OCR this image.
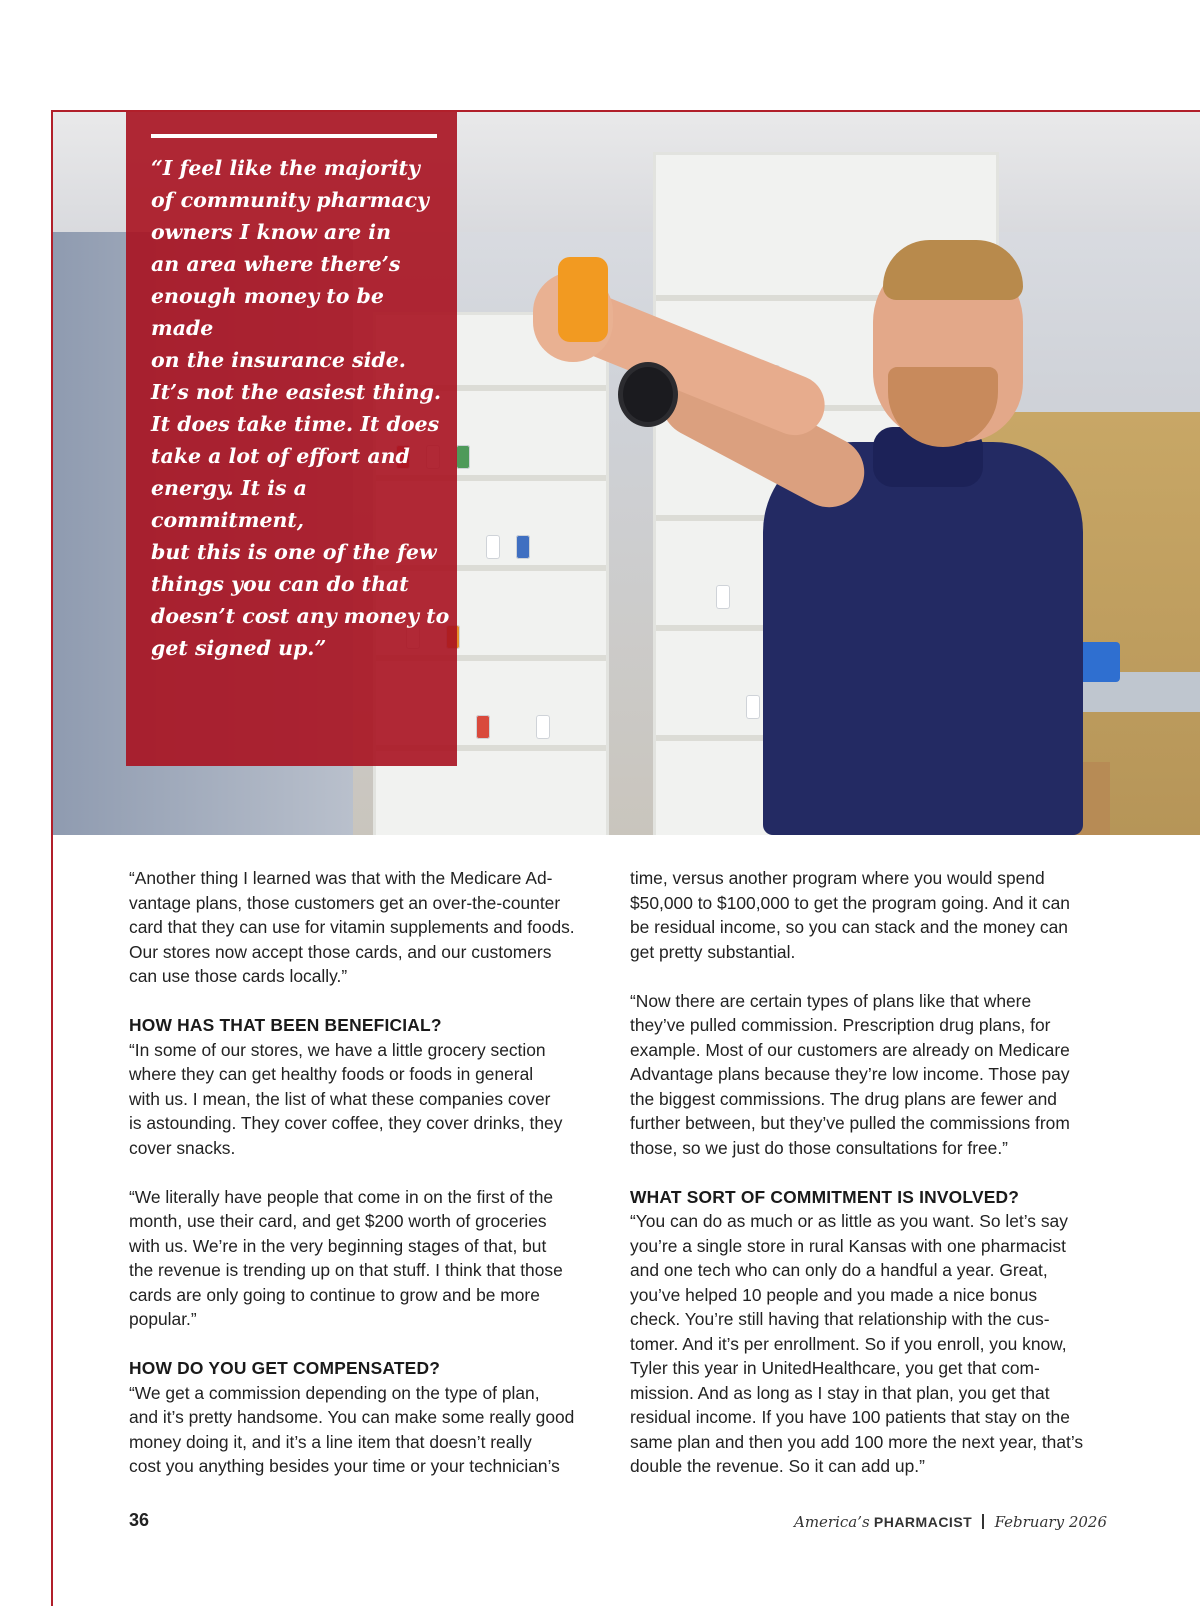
“I feel like the majority
of community pharmacy
owners I know are in
an area where there’s
enough money to be made
on the insurance side.
It’s not the easiest thing.
It does take time. It does
take a lot of effort and
energy. It is a commitment,
but this is one of the few
things you can do that
doesn’t cost any money to
get signed up.”

“Another thing I learned was that with the Medicare Ad-
vantage plans, those customers get an over-the-counter
card that they can use for vitamin supplements and foods.
Our stores now accept those cards, and our customers
can use those cards locally.”

HOW HAS THAT BEEN BENEFICIAL?

“In some of our stores, we have a little grocery section
where they can get healthy foods or foods in general
with us. I mean, the list of what these companies cover
is astounding. They cover coffee, they cover drinks, they
cover snacks.

“We literally have people that come in on the first of the
month, use their card, and get $200 worth of groceries
with us. We’re in the very beginning stages of that, but
the revenue is trending up on that stuff. I think that those
cards are only going to continue to grow and be more
popular.”

HOW DO YOU GET COMPENSATED?

“We get a commission depending on the type of plan,
and it’s pretty handsome. You can make some really good
money doing it, and it’s a line item that doesn’t really
cost you anything besides your time or your technician’s

time, versus another program where you would spend
$50,000 to $100,000 to get the program going. And it can
be residual income, so you can stack and the money can
get pretty substantial.

“Now there are certain types of plans like that where
they’ve pulled commission. Prescription drug plans, for
example. Most of our customers are already on Medicare
Advantage plans because they’re low income. Those pay
the biggest commissions. The drug plans are fewer and
further between, but they’ve pulled the commissions from
those, so we just do those consultations for free.”

WHAT SORT OF COMMITMENT IS INVOLVED?

“You can do as much or as little as you want. So let’s say
you’re a single store in rural Kansas with one pharmacist
and one tech who can only do a handful a year. Great,
you’ve helped 10 people and you made a nice bonus
check. You’re still having that relationship with the cus-
tomer. And it’s per enrollment. So if you enroll, you know,
Tyler this year in UnitedHealthcare, you get that com-
mission. And as long as I stay in that plan, you get that
residual income. If you have 100 patients that stay on the
same plan and then you add 100 more the next year, that’s
double the revenue. So it can add up.”

36	America’s PHARMACIST February 2026
